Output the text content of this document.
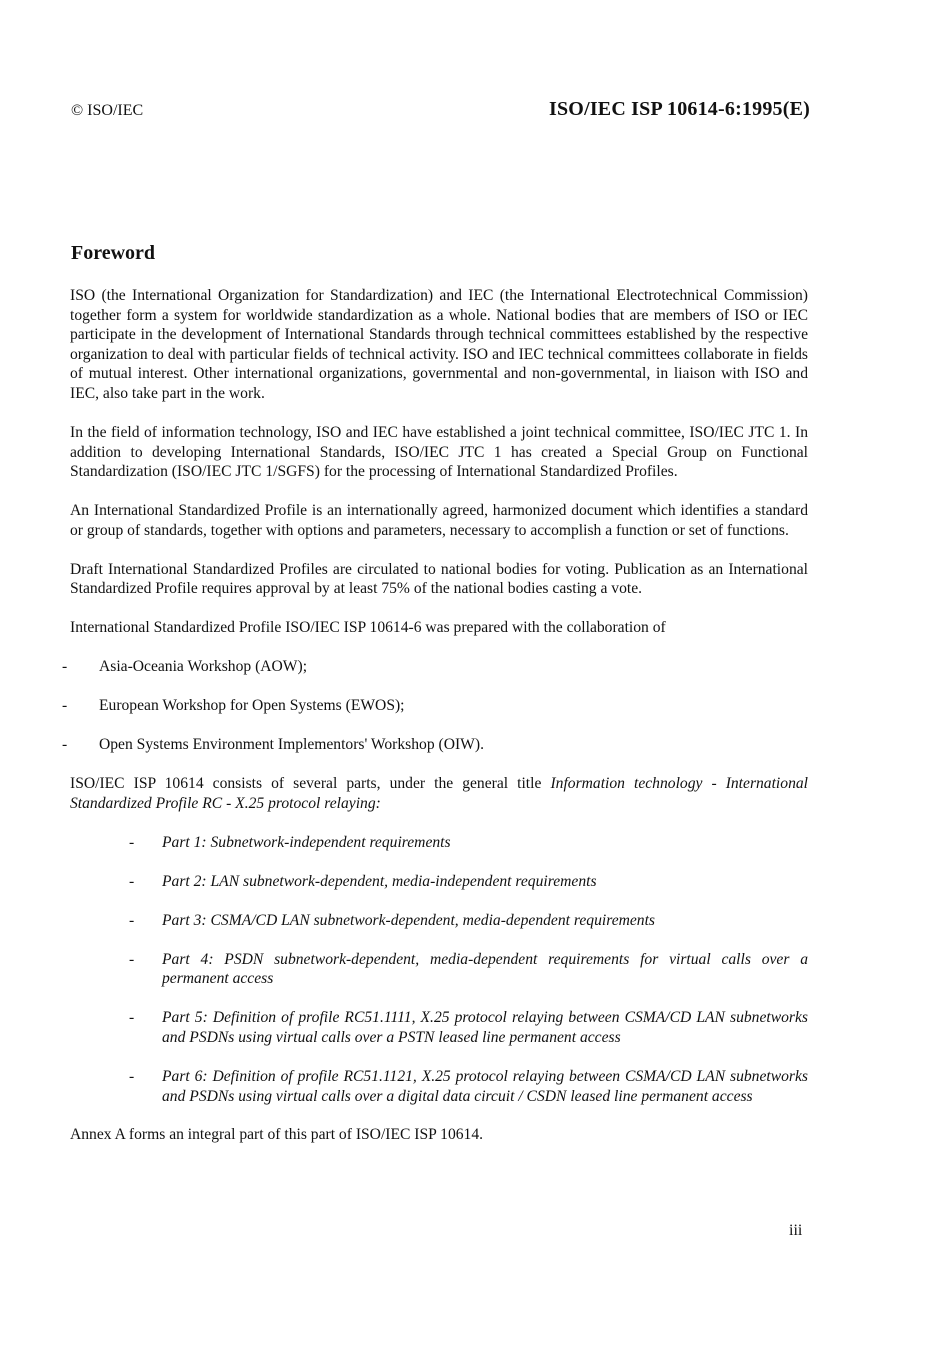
© ISO/IEC	ISO/IEC ISP 10614-6:1995(E)
Foreword

ISO (the International Organization for Standardization) and IEC (the International Electrotechnical Commission) together form a system for worldwide standardization as a whole. National bodies that are members of ISO or IEC participate in the development of International Standards through technical committees established by the respective organization to deal with particular fields of technical activity. ISO and IEC technical committees collaborate in fields of mutual interest. Other international organizations, governmental and non-governmental, in liaison with ISO and IEC, also take part in the work.

In the field of information technology, ISO and IEC have established a joint technical committee, ISO/IEC JTC 1. In addition to developing International Standards, ISO/IEC JTC 1 has created a Special Group on Functional Standardization (ISO/IEC JTC 1/SGFS) for the processing of International Standardized Profiles.

An International Standardized Profile is an internationally agreed, harmonized document which identifies a standard or group of standards, together with options and parameters, necessary to accomplish a function or set of functions.

Draft International Standardized Profiles are circulated to national bodies for voting. Publication as an International Standardized Profile requires approval by at least 75% of the national bodies casting a vote.

International Standardized Profile ISO/IEC ISP 10614-6 was prepared with the collaboration of

- Asia-Oceania Workshop (AOW);
- European Workshop for Open Systems (EWOS);
- Open Systems Environment Implementors' Workshop (OIW).

ISO/IEC ISP 10614 consists of several parts, under the general title Information technology - International Standardized Profile RC - X.25 protocol relaying:

- Part 1: Subnetwork-independent requirements
- Part 2: LAN subnetwork-dependent, media-independent requirements
- Part 3: CSMA/CD LAN subnetwork-dependent, media-dependent requirements
- Part 4: PSDN subnetwork-dependent, media-dependent requirements for virtual calls over a permanent access
- Part 5: Definition of profile RC51.1111, X.25 protocol relaying between CSMA/CD LAN subnetworks and PSDNs using virtual calls over a PSTN leased line permanent access
- Part 6: Definition of profile RC51.1121, X.25 protocol relaying between CSMA/CD LAN subnetworks and PSDNs using virtual calls over a digital data circuit / CSDN leased line permanent access

Annex A forms an integral part of this part of ISO/IEC ISP 10614.

iii
